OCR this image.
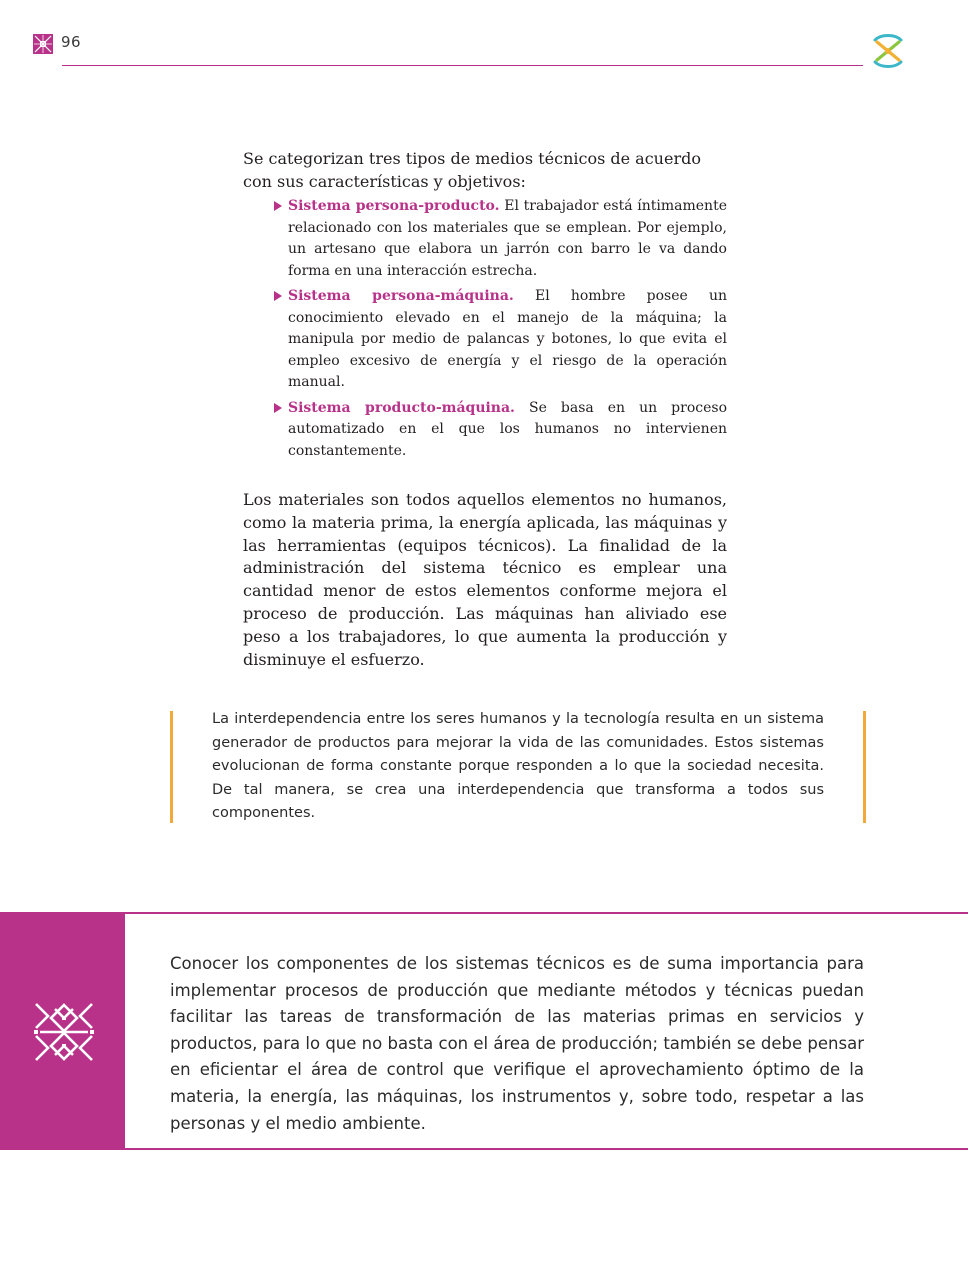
96

Se categorizan tres tipos de medios técnicos de acuerdo con sus características y objetivos:

Sistema persona-producto. El trabajador está íntimamente relacionado con los materiales que se emplean. Por ejemplo, un artesano que elabora un jarrón con barro le va dando forma en una interacción estrecha.
Sistema persona-máquina. El hombre posee un conocimiento elevado en el manejo de la máquina; la manipula por medio de palancas y botones, lo que evita el empleo excesivo de energía y el riesgo de la operación manual.
Sistema producto-máquina. Se basa en un proceso automatizado en el que los humanos no intervienen constantemente.

Los materiales son todos aquellos elementos no humanos, como la materia prima, la energía aplicada, las máquinas y las herramientas (equipos técnicos). La finalidad de la administración del sistema técnico es emplear una cantidad menor de estos elementos conforme mejora el proceso de producción. Las máquinas han aliviado ese peso a los trabajadores, lo que aumenta la producción y disminuye el esfuerzo.

La interdependencia entre los seres humanos y la tecnología resulta en un sistema generador de productos para mejorar la vida de las comunidades. Estos sistemas evolucionan de forma constante porque responden a lo que la sociedad necesita. De tal manera, se crea una interdependencia que transforma a todos sus componentes.

Conocer los componentes de los sistemas técnicos es de suma importancia para implementar procesos de producción que mediante métodos y técnicas puedan facilitar las tareas de transformación de las materias primas en servicios y productos, para lo que no basta con el área de producción; también se debe pensar en eficientar el área de control que verifique el aprovechamiento óptimo de la materia, la energía, las máquinas, los instrumentos y, sobre todo, respetar a las personas y el medio ambiente.
